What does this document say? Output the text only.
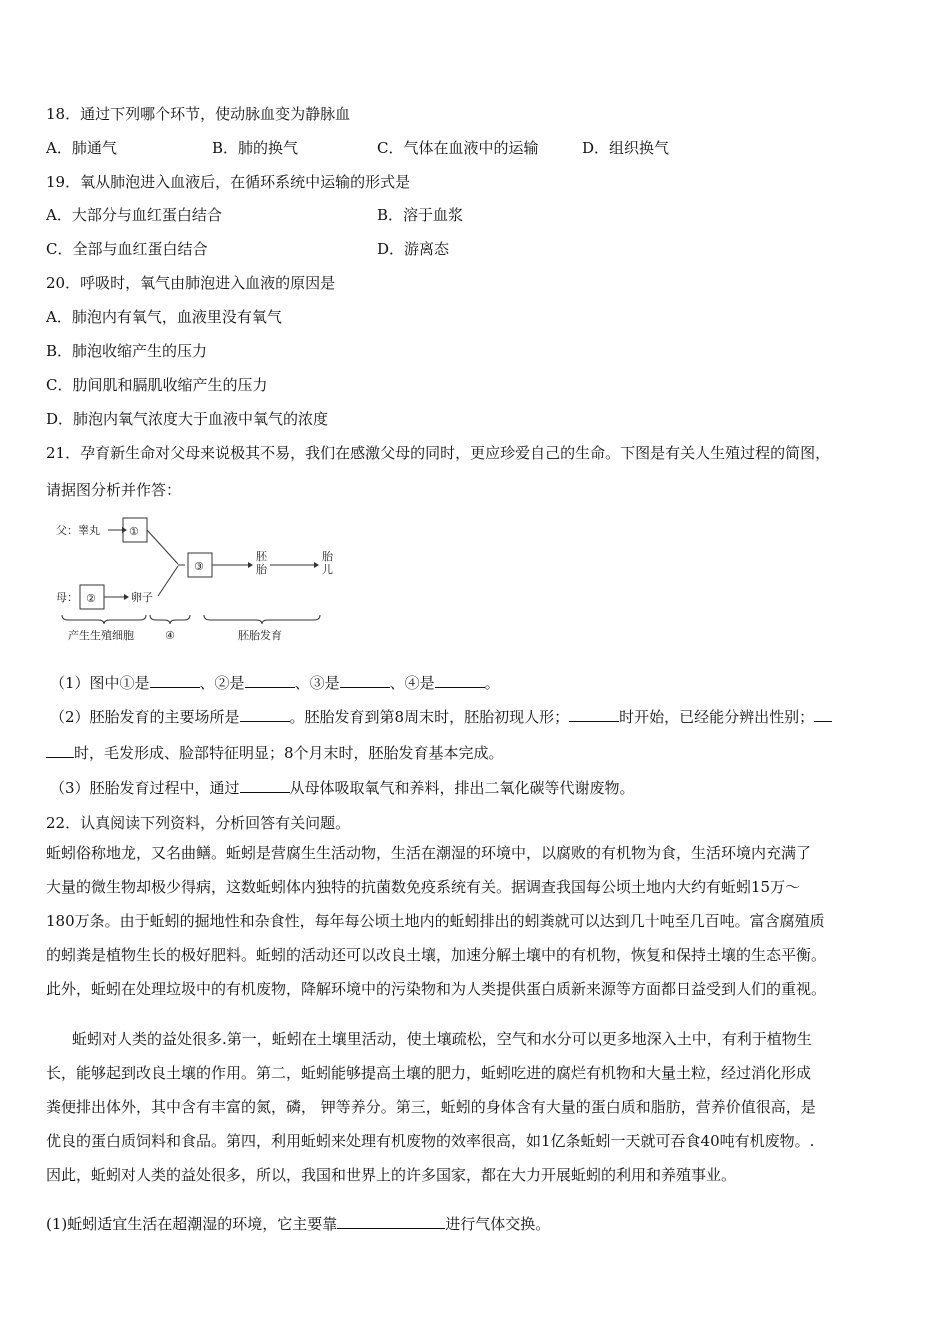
18．通过下列哪个环节，使动脉血变为静脉血
A．肺通气	B．肺的换气	C．气体在血液中的运输	D．组织换气
19．氧从肺泡进入血液后，在循环系统中运输的形式是
A．大部分与血红蛋白结合	B．溶于血浆
C．全部与血红蛋白结合	D．游离态
20．呼吸时，氧气由肺泡进入血液的原因是
A．肺泡内有氧气，血液里没有氧气
B．肺泡收缩产生的压力
C．肋间肌和膈肌收缩产生的压力
D．肺泡内氧气浓度大于血液中氧气的浓度
21．孕育新生命对父母来说极其不易，我们在感激父母的同时，更应珍爱自己的生命。下图是有关人生殖过程的简图，
请据图分析并作答：
父：睾丸	①
母： ②	卵子
③
胚
胎
胎
儿
产生生殖细胞	④	胚胎发育
（1）图中①是	、②是	、③是	、④是	。
（2）胚胎发育的主要场所是	。胚胎发育到第8周末时，胚胎初现人形；	时开始，已经能分辨出性别；
时，毛发形成、脸部特征明显；8个月末时，胚胎发育基本完成。
（3）胚胎发育过程中，通过	从母体吸取氧气和养料，排出二氧化碳等代谢废物。
22．认真阅读下列资料，分析回答有关问题。
蚯蚓俗称地龙，又名曲鳝。蚯蚓是营腐生生活动物，生活在潮湿的环境中，以腐败的有机物为食，生活环境内充满了
大量的微生物却极少得病，这数蚯蚓体内独特的抗菌数免疫系统有关。据调查我国每公顷土地内大约有蚯蚓15万～
180万条。由于蚯蚓的掘地性和杂食性，每年每公顷土地内的蚯蚓排出的蚓粪就可以达到几十吨至几百吨。富含腐殖质
的蚓粪是植物生长的极好肥料。蚯蚓的活动还可以改良土壤，加速分解土壤中的有机物，恢复和保持土壤的生态平衡。
此外，蚯蚓在处理垃圾中的有机废物，降解环境中的污染物和为人类提供蛋白质新来源等方面都日益受到人们的重视。
蚯蚓对人类的益处很多.第一，蚯蚓在土壤里活动，使土壤疏松，空气和水分可以更多地深入土中，有利于植物生
长，能够起到改良土壤的作用。第二，蚯蚓能够提高土壤的肥力，蚯蚓吃进的腐烂有机物和大量土粒，经过消化形成
粪便排出体外，其中含有丰富的氮，磷， 钾等养分。第三，蚯蚓的身体含有大量的蛋白质和脂肪，营养价值很高，是
优良的蛋白质饲料和食品。第四，利用蚯蚓来处理有机废物的效率很高，如1亿条蚯蚓一天就可吞食40吨有机废物。.
因此，蚯蚓对人类的益处很多，所以，我国和世界上的许多国家，都在大力开展蚯蚓的利用和养殖事业。
(1)蚯蚓适宜生活在超潮湿的环境，它主要靠	进行气体交换。
